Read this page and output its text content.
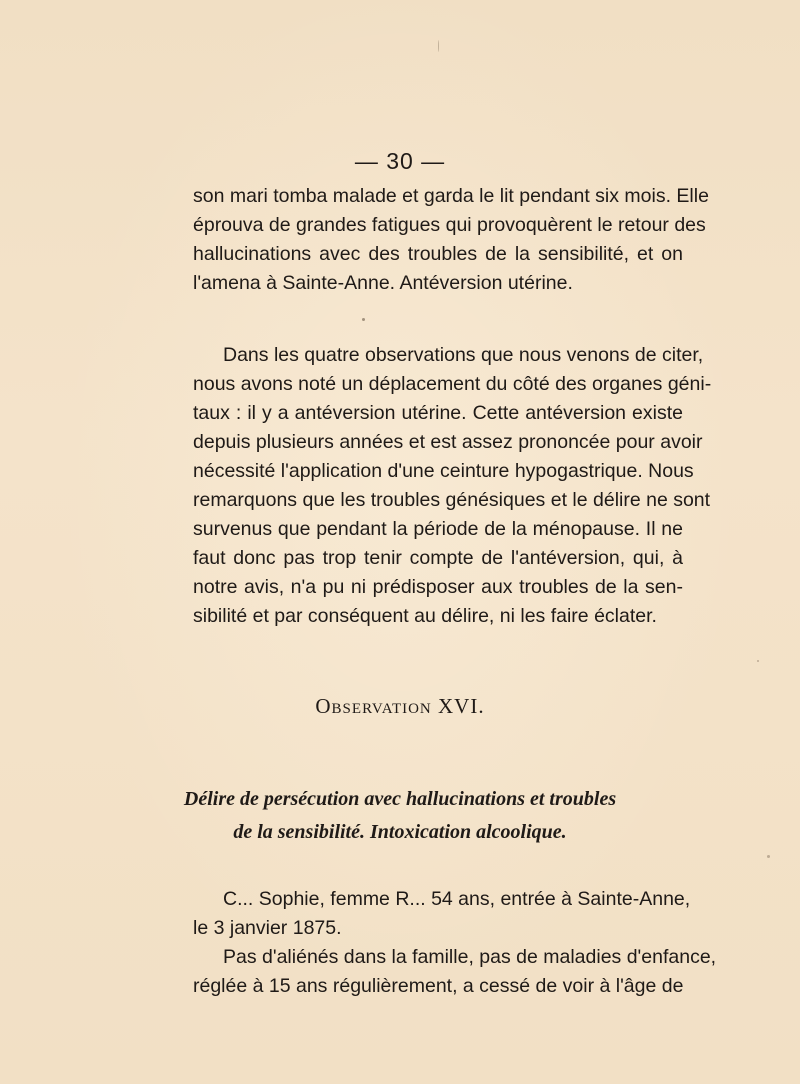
— 30 —
son mari tomba malade et garda le lit pendant six mois. Elle
éprouva de grandes fatigues qui provoquèrent le retour des
hallucinations avec des troubles de la sensibilité, et on
l'amena à Sainte-Anne. Antéversion utérine.
Dans les quatre observations que nous venons de citer,
nous avons noté un déplacement du côté des organes géni-
taux : il y a antéversion utérine. Cette antéversion existe
depuis plusieurs années et est assez prononcée pour avoir
nécessité l'application d'une ceinture hypogastrique. Nous
remarquons que les troubles génésiques et le délire ne sont
survenus que pendant la période de la ménopause. Il ne
faut donc pas trop tenir compte de l'antéversion, qui, à
notre avis, n'a pu ni prédisposer aux troubles de la sen-
sibilité et par conséquent au délire, ni les faire éclater.
Observation XVI.
Délire de persécution avec hallucinations et troubles
de la sensibilité. Intoxication alcoolique.
C... Sophie, femme R... 54 ans, entrée à Sainte-Anne,
le 3 janvier 1875.
Pas d'aliénés dans la famille, pas de maladies d'enfance,
réglée à 15 ans régulièrement, a cessé de voir à l'âge de
